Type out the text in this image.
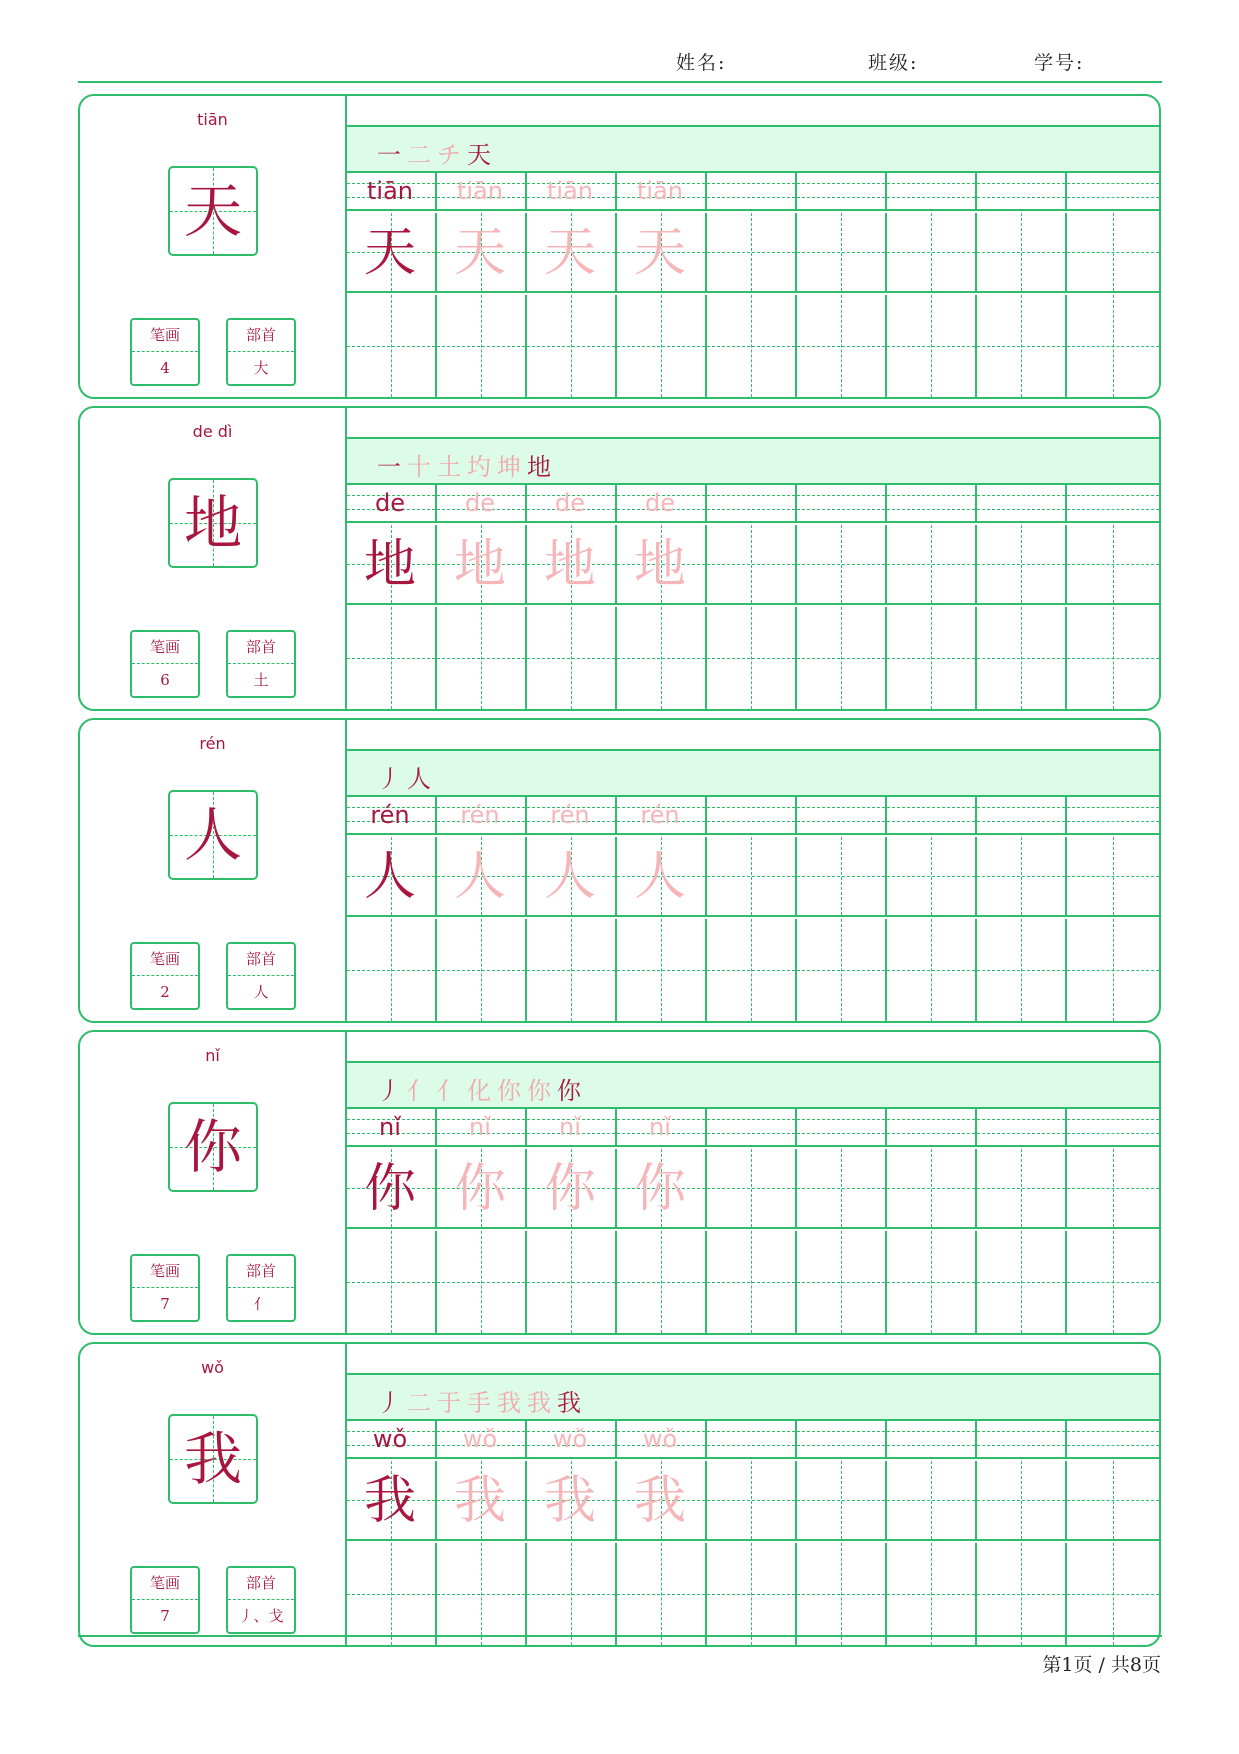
姓名:	班级:	学号:
tiān
天
笔画
4
部首
大
一二チ天
tiān
天
tiān
天
tiān
天
tiān
天
de dì
地
笔画
6
部首
土
一十土圴坤地
de
地
de
地
de
地
de
地
rén
人
笔画
2
部首
人
丿人
rén
人
rén
人
rén
人
rén
人
nǐ
你
笔画
7
部首
亻
丿亻亻化你你你
nǐ
你
nǐ
你
nǐ
你
nǐ
你
wǒ
我
笔画
7
部首
丿、戈
丿二于手我我我
wǒ
我
wǒ
我
wǒ
我
wǒ
我
第1页 / 共8页
